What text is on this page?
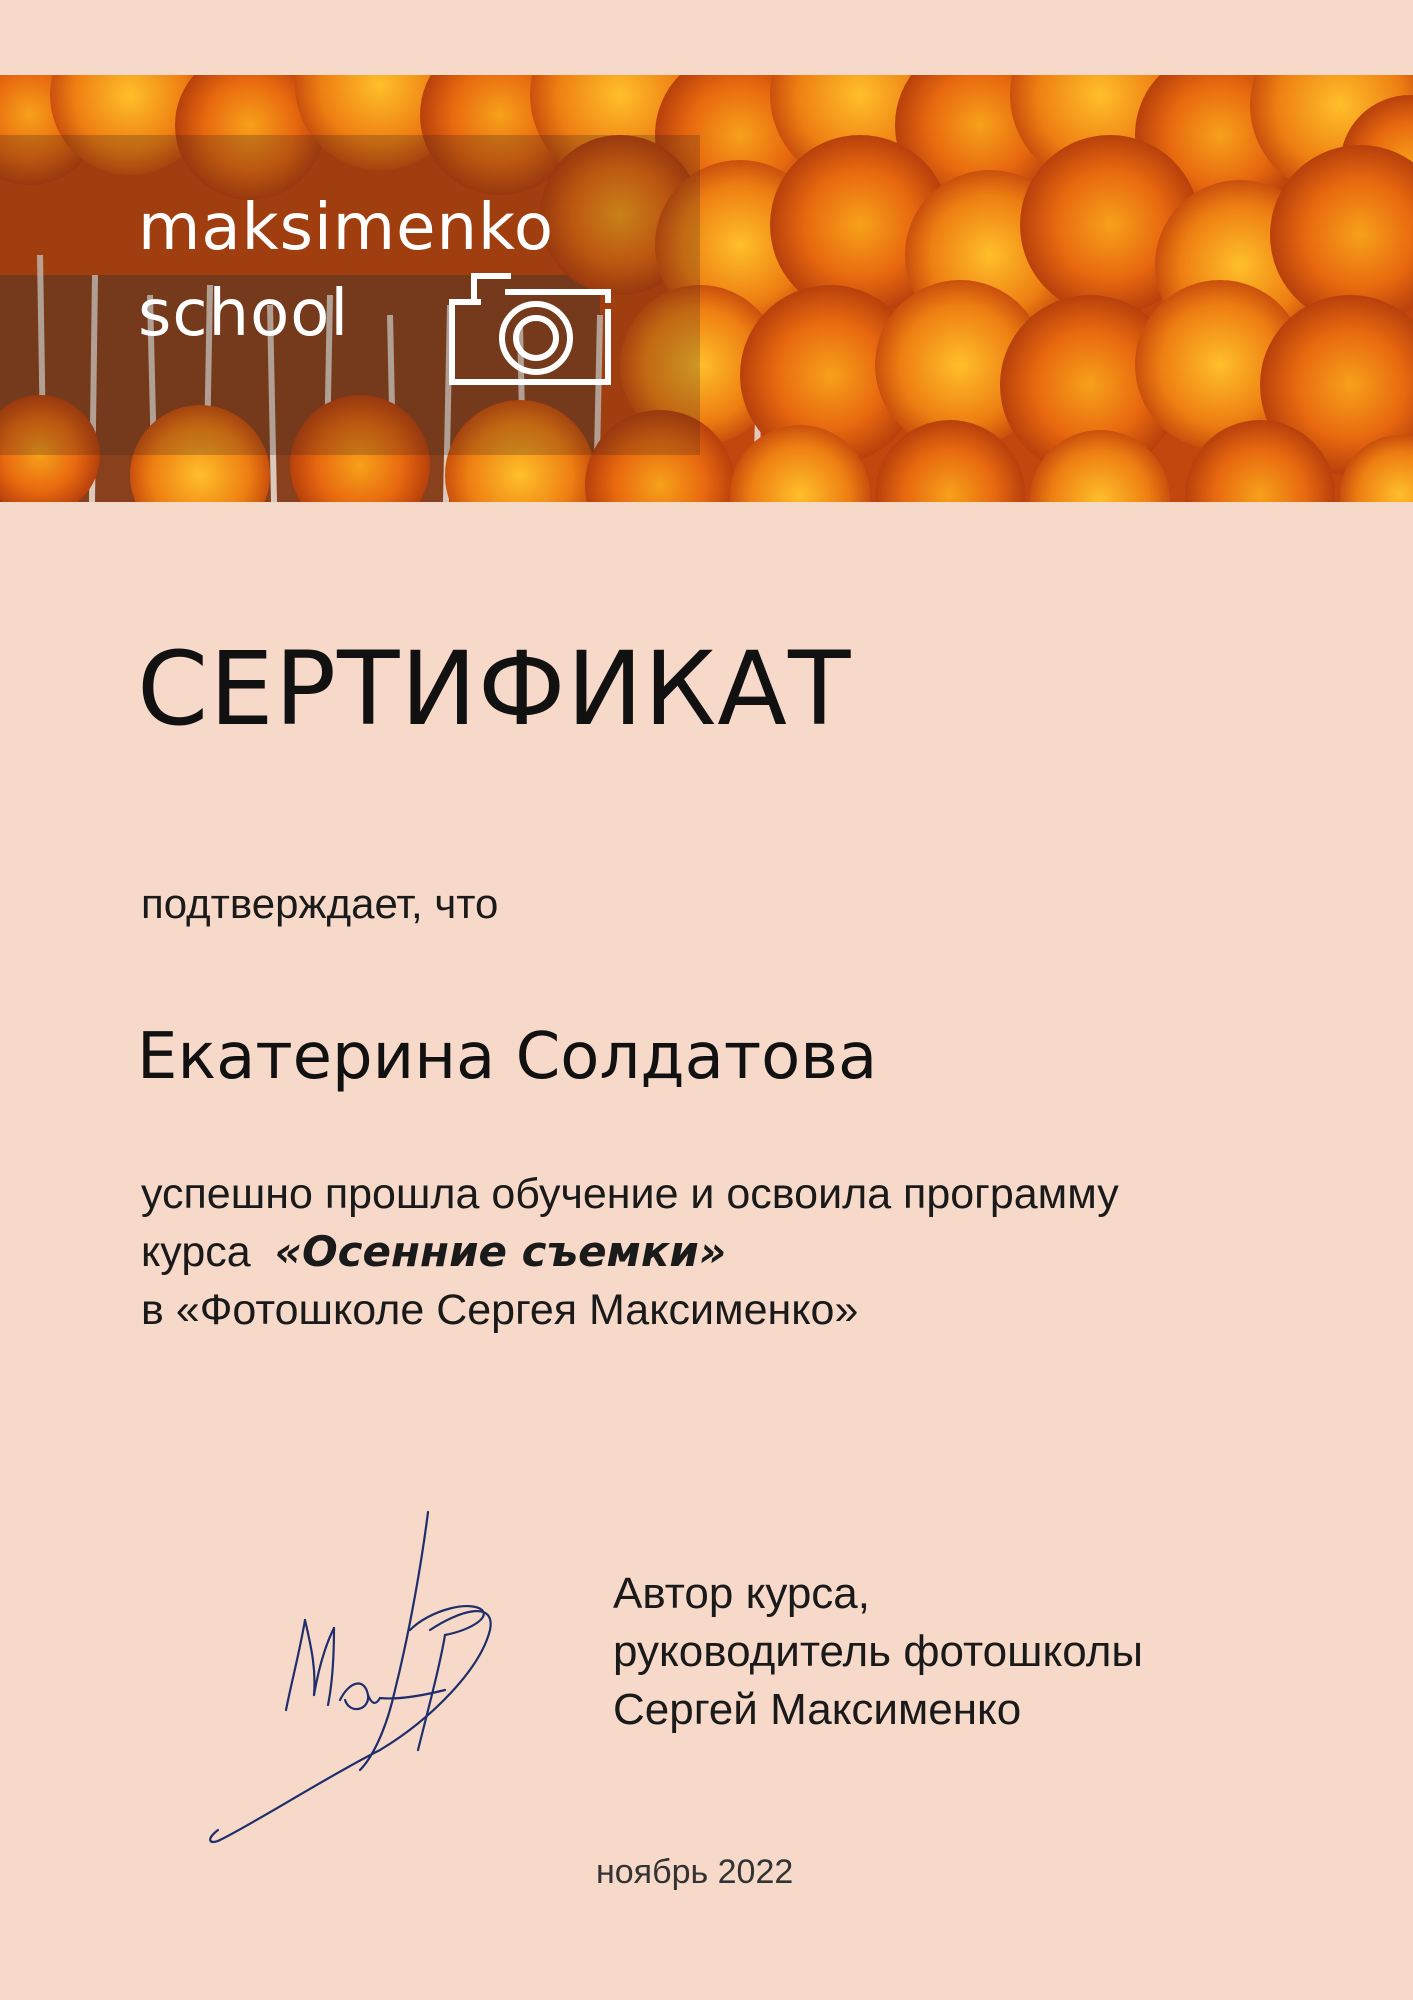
maksimenko
school
СЕРТИФИКАТ
подтверждает, что
Екатерина Солдатова
успешно прошла обучение и освоила программу
курса «Осенние съемки»
в «Фотошколе Сергея Максименко»
Автор курса,
руководитель фотошколы
Сергей Максименко
ноябрь 2022
